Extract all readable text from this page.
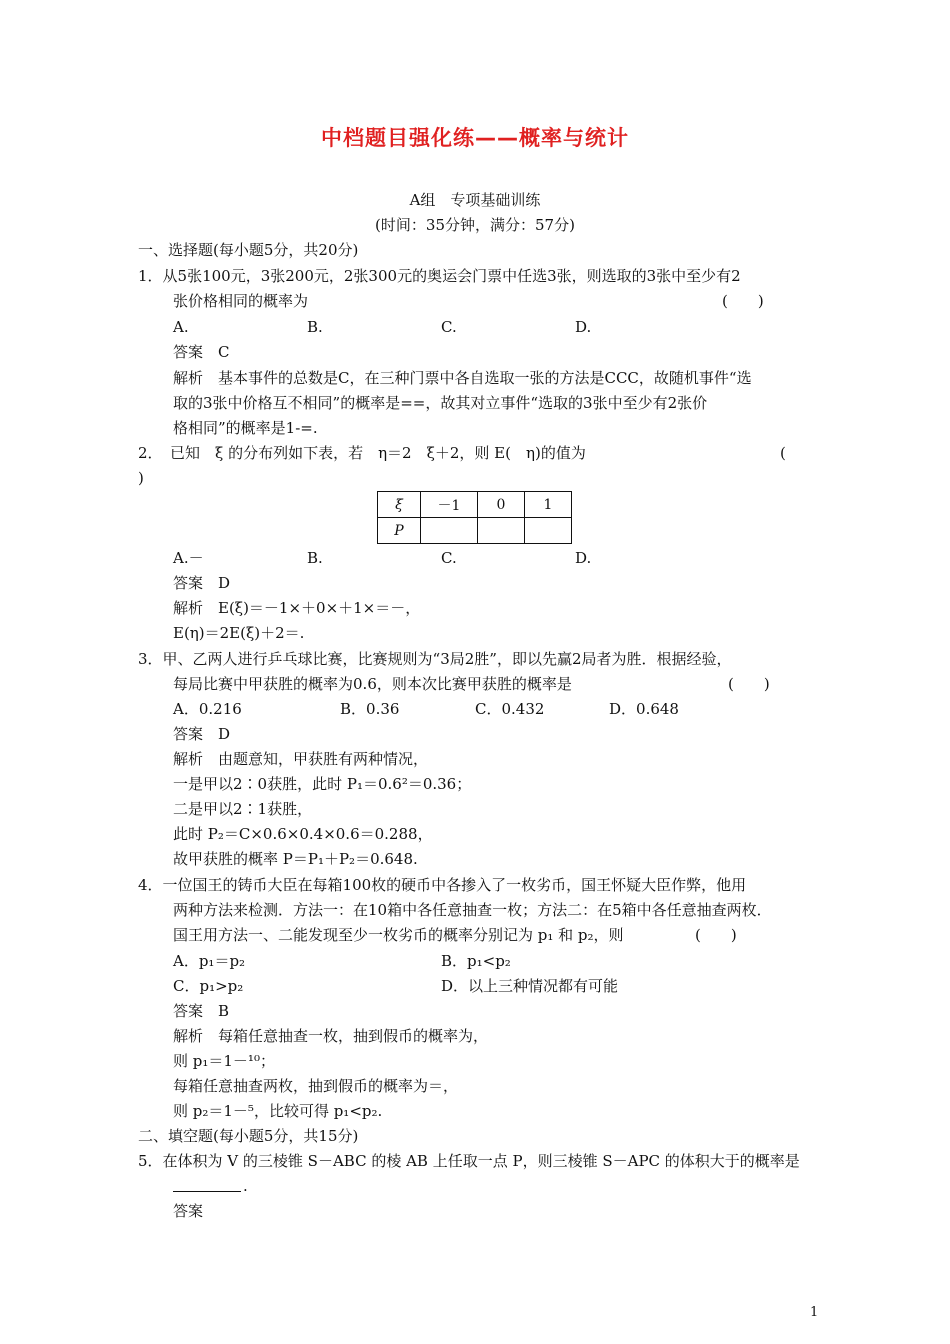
中档题目强化练——概率与统计
A组　专项基础训练
(时间：35分钟，满分：57分)
一、选择题(每小题5分，共20分)
1．从5张100元，3张200元，2张300元的奥运会门票中任选3张，则选取的3张中至少有2
张价格相同的概率为	(　　)
A.	B.	C.	D.
答案　C
解析　基本事件的总数是C，在三种门票中各自选取一张的方法是CCC，故随机事件“选
取的3张中价格互不相同”的概率是==，故其对立事件“选取的3张中至少有2张价
格相同”的概率是1-=.
2．　已知　ξ 的分布列如下表，若　η＝2　ξ＋2，则 E(　η)的值为	(
)
ξ	－1	0	1
P			
A.－	B.	C.	D.
答案　D
解析　E(ξ)＝－1×＋0×＋1×＝－，
E(η)＝2E(ξ)＋2＝.
3．甲、乙两人进行乒乓球比赛，比赛规则为“3局2胜”，即以先赢2局者为胜．根据经验，
每局比赛中甲获胜的概率为0.6，则本次比赛甲获胜的概率是	(　　)
A．0.216	B．0.36	C．0.432	D．0.648
答案　D
解析　由题意知，甲获胜有两种情况，
一是甲以2∶0获胜，此时 P₁＝0.6²＝0.36；
二是甲以2∶1获胜，
此时 P₂＝C×0.6×0.4×0.6＝0.288，
故甲获胜的概率 P＝P₁＋P₂＝0.648.
4．一位国王的铸币大臣在每箱100枚的硬币中各掺入了一枚劣币，国王怀疑大臣作弊，他用
两种方法来检测．方法一：在10箱中各任意抽查一枚；方法二：在5箱中各任意抽查两枚．
国王用方法一、二能发现至少一枚劣币的概率分别记为 p₁ 和 p₂，则	(　　)
A．p₁＝p₂	B．p₁<p₂
C．p₁>p₂	D．以上三种情况都有可能
答案　B
解析　每箱任意抽查一枚，抽到假币的概率为，
则 p₁＝1－¹⁰；
每箱任意抽查两枚，抽到假币的概率为＝，
则 p₂＝1－⁵，比较可得 p₁<p₂.
二、填空题(每小题5分，共15分)
5．在体积为 V 的三棱锥 S－ABC 的棱 AB 上任取一点 P，则三棱锥 S－APC 的体积大于的概率是
.
答案
1
